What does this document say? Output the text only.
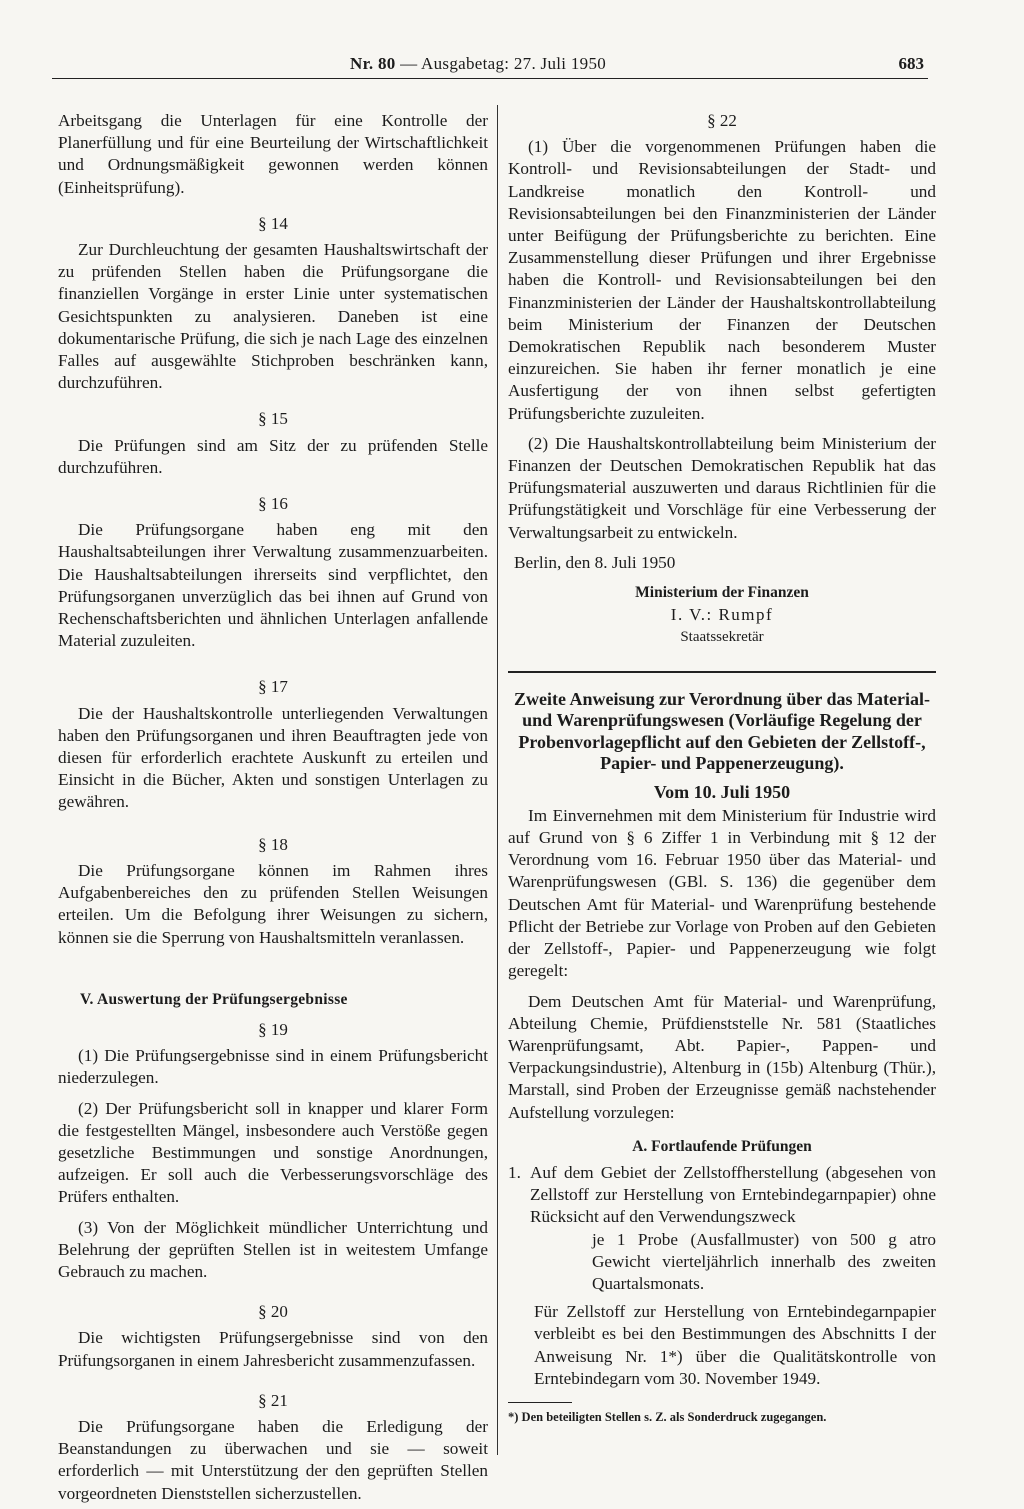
Nr. 80 — Ausgabetag: 27. Juli 1950	683

Arbeitsgang die Unterlagen für eine Kontrolle der Planerfüllung und für eine Beurteilung der Wirtschaftlichkeit und Ordnungsmäßigkeit gewonnen werden können (Einheitsprüfung).

§ 14

Zur Durchleuchtung der gesamten Haushaltswirtschaft der zu prüfenden Stellen haben die Prüfungsorgane die finanziellen Vorgänge in erster Linie unter systematischen Gesichtspunkten zu analysieren. Daneben ist eine dokumentarische Prüfung, die sich je nach Lage des einzelnen Falles auf ausgewählte Stichproben beschränken kann, durchzuführen.

§ 15

Die Prüfungen sind am Sitz der zu prüfenden Stelle durchzuführen.

§ 16

Die Prüfungsorgane haben eng mit den Haushaltsabteilungen ihrer Verwaltung zusammenzuarbeiten. Die Haushaltsabteilungen ihrerseits sind verpflichtet, den Prüfungsorganen unverzüglich das bei ihnen auf Grund von Rechenschaftsberichten und ähnlichen Unterlagen anfallende Material zuzuleiten.

§ 17

Die der Haushaltskontrolle unterliegenden Verwaltungen haben den Prüfungsorganen und ihren Beauftragten jede von diesen für erforderlich erachtete Auskunft zu erteilen und Einsicht in die Bücher, Akten und sonstigen Unterlagen zu gewähren.

§ 18

Die Prüfungsorgane können im Rahmen ihres Aufgabenbereiches den zu prüfenden Stellen Weisungen erteilen. Um die Befolgung ihrer Weisungen zu sichern, können sie die Sperrung von Haushaltsmitteln veranlassen.

V. Auswertung der Prüfungsergebnisse
§ 19

(1) Die Prüfungsergebnisse sind in einem Prüfungsbericht niederzulegen.

(2) Der Prüfungsbericht soll in knapper und klarer Form die festgestellten Mängel, insbesondere auch Verstöße gegen gesetzliche Bestimmungen und sonstige Anordnungen, aufzeigen. Er soll auch die Verbesserungsvorschläge des Prüfers enthalten.

(3) Von der Möglichkeit mündlicher Unterrichtung und Belehrung der geprüften Stellen ist in weitestem Umfange Gebrauch zu machen.

§ 20

Die wichtigsten Prüfungsergebnisse sind von den Prüfungsorganen in einem Jahresbericht zusammenzufassen.

§ 21

Die Prüfungsorgane haben die Erledigung der Beanstandungen zu überwachen und sie — soweit erforderlich — mit Unterstützung der den geprüften Stellen vorgeordneten Dienststellen sicherzustellen.

§ 22

(1) Über die vorgenommenen Prüfungen haben die Kontroll- und Revisionsabteilungen der Stadt- und Landkreise monatlich den Kontroll- und Revisionsabteilungen bei den Finanzministerien der Länder unter Beifügung der Prüfungsberichte zu berichten. Eine Zusammenstellung dieser Prüfungen und ihrer Ergebnisse haben die Kontroll- und Revisionsabteilungen bei den Finanzministerien der Länder der Haushaltskontrollabteilung beim Ministerium der Finanzen der Deutschen Demokratischen Republik nach besonderem Muster einzureichen. Sie haben ihr ferner monatlich je eine Ausfertigung der von ihnen selbst gefertigten Prüfungsberichte zuzuleiten.

(2) Die Haushaltskontrollabteilung beim Ministerium der Finanzen der Deutschen Demokratischen Republik hat das Prüfungsmaterial auszuwerten und daraus Richtlinien für die Prüfungstätigkeit und Vorschläge für eine Verbesserung der Verwaltungsarbeit zu entwickeln.

Berlin, den 8. Juli 1950

Ministerium der Finanzen
I. V.: Rumpf
Staatssekretär
Zweite Anweisung zur Verordnung über das Material- und Warenprüfungswesen (Vorläufige Regelung der Probenvorlagepflicht auf den Gebieten der Zellstoff-, Papier- und Pappenerzeugung).
Vom 10. Juli 1950

Im Einvernehmen mit dem Ministerium für Industrie wird auf Grund von § 6 Ziffer 1 in Verbindung mit § 12 der Verordnung vom 16. Februar 1950 über das Material- und Warenprüfungswesen (GBl. S. 136) die gegenüber dem Deutschen Amt für Material- und Warenprüfung bestehende Pflicht der Betriebe zur Vorlage von Proben auf den Gebieten der Zellstoff-, Papier- und Pappenerzeugung wie folgt geregelt:

Dem Deutschen Amt für Material- und Warenprüfung, Abteilung Chemie, Prüfdienststelle Nr. 581 (Staatliches Warenprüfungsamt, Abt. Papier-, Pappen- und Verpackungsindustrie), Altenburg in (15b) Altenburg (Thür.), Marstall, sind Proben der Erzeugnisse gemäß nachstehender Aufstellung vorzulegen:

A. Fortlaufende Prüfungen
1. Auf dem Gebiet der Zellstoffherstellung (abgesehen von Zellstoff zur Herstellung von Erntebindegarnpapier) ohne Rücksicht auf den Verwendungszweck

je 1 Probe (Ausfallmuster) von 500 g atro Gewicht vierteljährlich innerhalb des zweiten Quartalsmonats.

Für Zellstoff zur Herstellung von Erntebindegarnpapier verbleibt es bei den Bestimmungen des Abschnitts I der Anweisung Nr. 1*) über die Qualitätskontrolle von Erntebindegarn vom 30. November 1949.

*) Den beteiligten Stellen s. Z. als Sonderdruck zugegangen.
